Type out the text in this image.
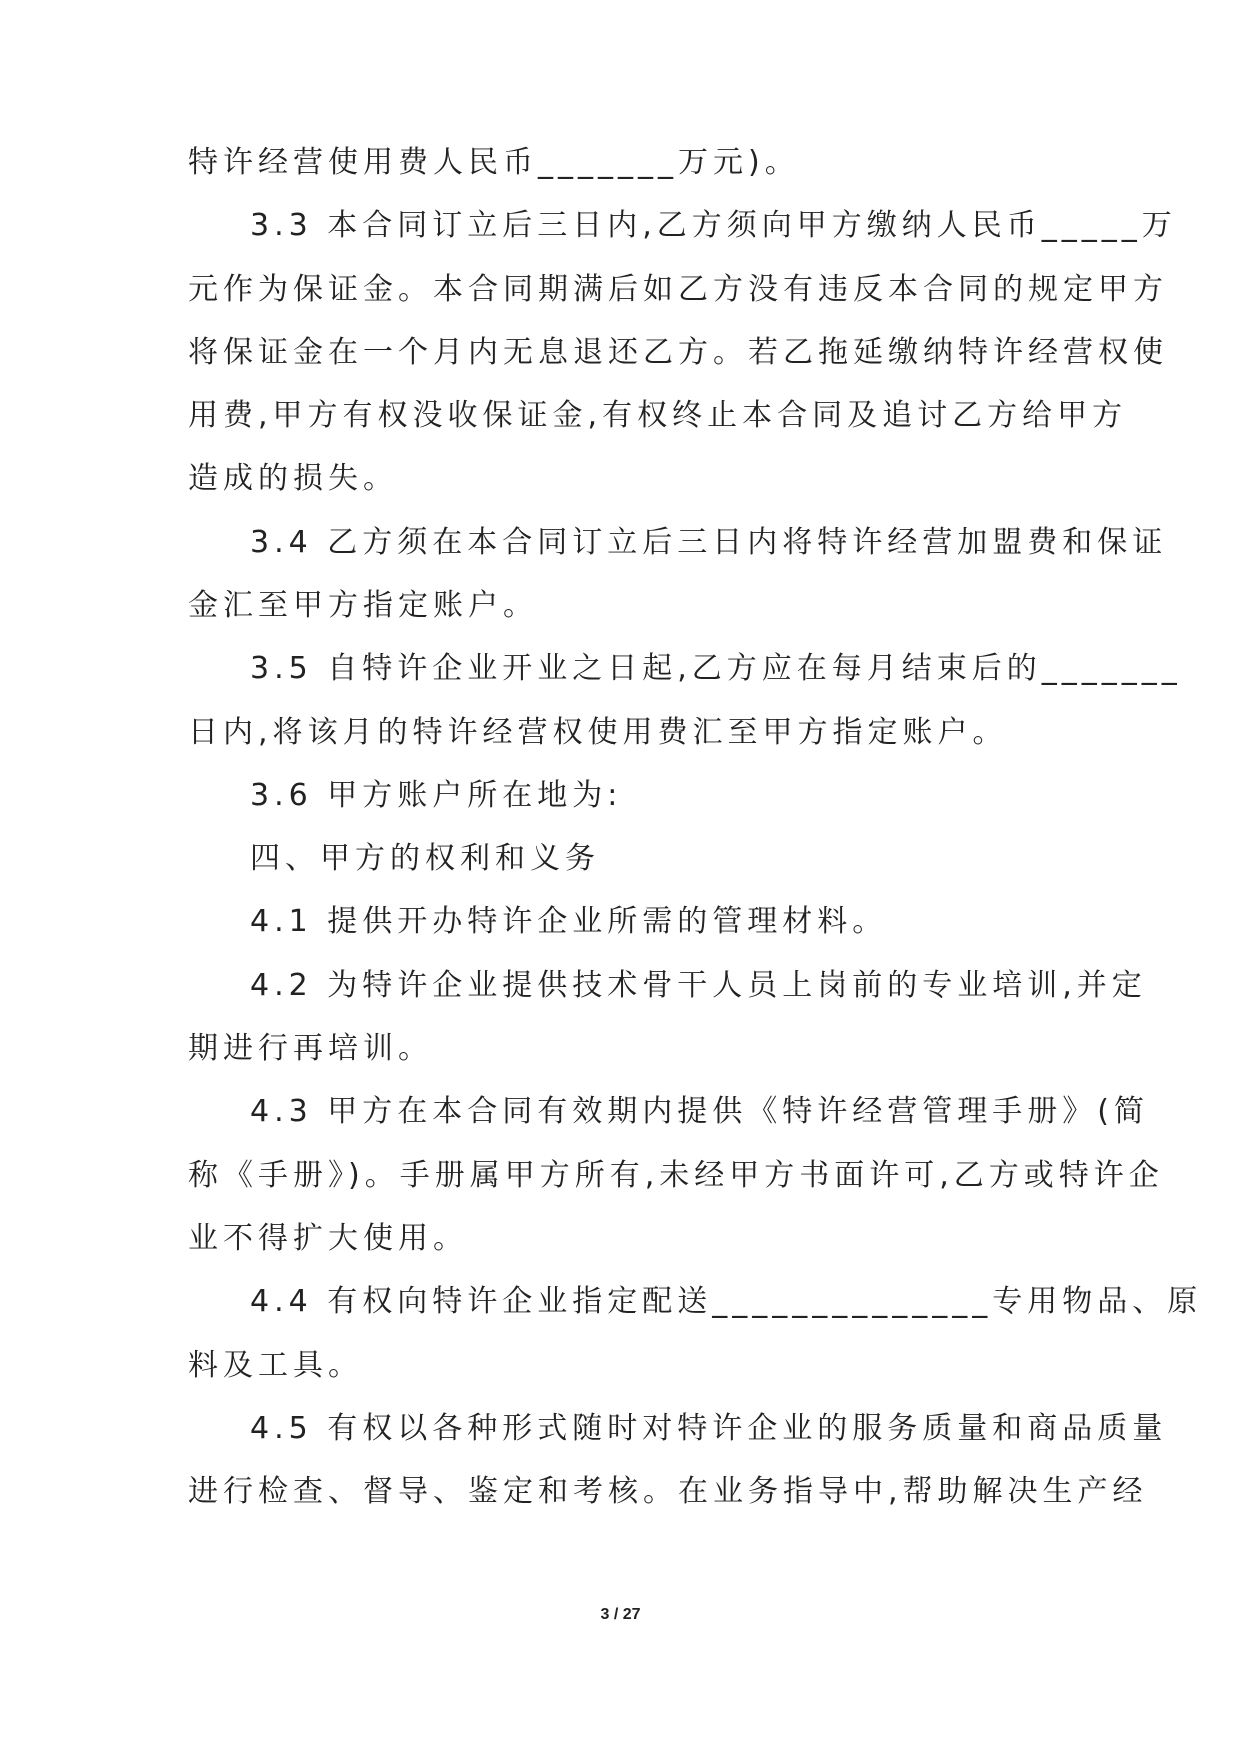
特许经营使用费人民币_______万元)。
3.3 本合同订立后三日内,乙方须向甲方缴纳人民币_____万
元作为保证金。本合同期满后如乙方没有违反本合同的规定甲方
将保证金在一个月内无息退还乙方。若乙拖延缴纳特许经营权使
用费,甲方有权没收保证金,有权终止本合同及追讨乙方给甲方
造成的损失。
3.4 乙方须在本合同订立后三日内将特许经营加盟费和保证
金汇至甲方指定账户。
3.5 自特许企业开业之日起,乙方应在每月结束后的_______
日内,将该月的特许经营权使用费汇至甲方指定账户。
3.6 甲方账户所在地为:
四、甲方的权利和义务
4.1 提供开办特许企业所需的管理材料。
4.2 为特许企业提供技术骨干人员上岗前的专业培训,并定
期进行再培训。
4.3 甲方在本合同有效期内提供《特许经营管理手册》(简
称《手册》)。手册属甲方所有,未经甲方书面许可,乙方或特许企
业不得扩大使用。
4.4 有权向特许企业指定配送______________专用物品、原
料及工具。
4.5 有权以各种形式随时对特许企业的服务质量和商品质量
进行检查、督导、鉴定和考核。在业务指导中,帮助解决生产经
3 / 27
